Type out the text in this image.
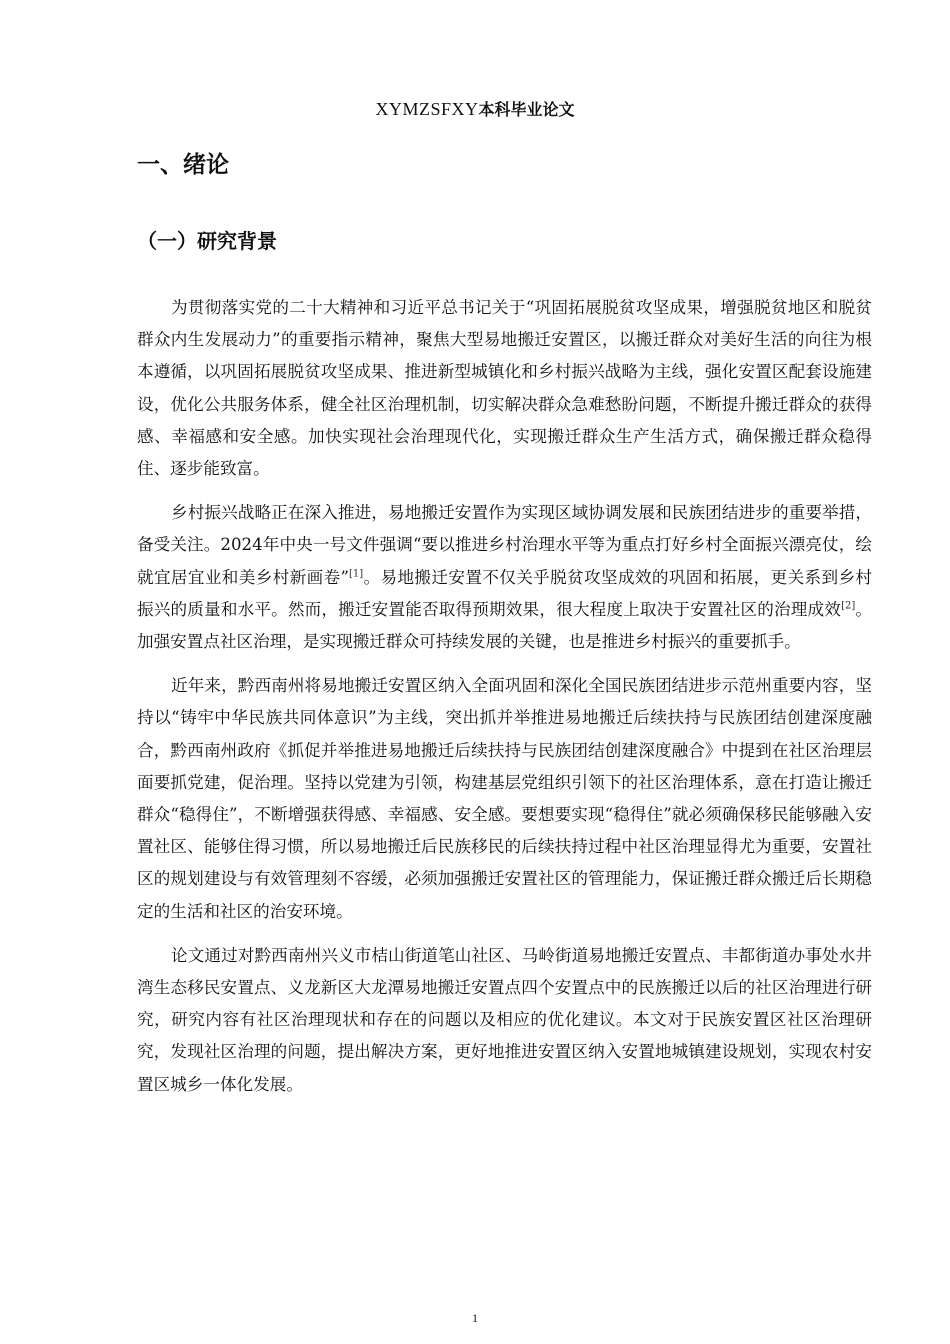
XYMZSFXY本科毕业论文
一、绪论
（一）研究背景

为贯彻落实党的二十大精神和习近平总书记关于“巩固拓展脱贫攻坚成果，增强脱贫地区和脱贫群众内生发展动力”的重要指示精神，聚焦大型易地搬迁安置区，以搬迁群众对美好生活的向往为根本遵循，以巩固拓展脱贫攻坚成果、推进新型城镇化和乡村振兴战略为主线，强化安置区配套设施建设，优化公共服务体系，健全社区治理机制，切实解决群众急难愁盼问题，不断提升搬迁群众的获得感、幸福感和安全感。加快实现社会治理现代化，实现搬迁群众生产生活方式，确保搬迁群众稳得住、逐步能致富。

乡村振兴战略正在深入推进，易地搬迁安置作为实现区域协调发展和民族团结进步的重要举措，备受关注。2024年中央一号文件强调“要以推进乡村治理水平等为重点打好乡村全面振兴漂亮仗，绘就宜居宜业和美乡村新画卷”[1]。易地搬迁安置不仅关乎脱贫攻坚成效的巩固和拓展，更关系到乡村振兴的质量和水平。然而，搬迁安置能否取得预期效果，很大程度上取决于安置社区的治理成效[2]。加强安置点社区治理，是实现搬迁群众可持续发展的关键，也是推进乡村振兴的重要抓手。

近年来，黔西南州将易地搬迁安置区纳入全面巩固和深化全国民族团结进步示范州重要内容，坚持以“铸牢中华民族共同体意识”为主线，突出抓并举推进易地搬迁后续扶持与民族团结创建深度融合，黔西南州政府《抓促并举推进易地搬迁后续扶持与民族团结创建深度融合》中提到在社区治理层面要抓党建，促治理。坚持以党建为引领，构建基层党组织引领下的社区治理体系，意在打造让搬迁群众“稳得住”，不断增强获得感、幸福感、安全感。要想要实现“稳得住”就必须确保移民能够融入安置社区、能够住得习惯，所以易地搬迁后民族移民的后续扶持过程中社区治理显得尤为重要，安置社区的规划建设与有效管理刻不容缓，必须加强搬迁安置社区的管理能力，保证搬迁群众搬迁后长期稳定的生活和社区的治安环境。

论文通过对黔西南州兴义市桔山街道笔山社区、马岭街道易地搬迁安置点、丰都街道办事处水井湾生态移民安置点、义龙新区大龙潭易地搬迁安置点四个安置点中的民族搬迁以后的社区治理进行研究，研究内容有社区治理现状和存在的问题以及相应的优化建议。本文对于民族安置区社区治理研究，发现社区治理的问题，提出解决方案，更好地推进安置区纳入安置地城镇建设规划，实现农村安置区城乡一体化发展。

1
